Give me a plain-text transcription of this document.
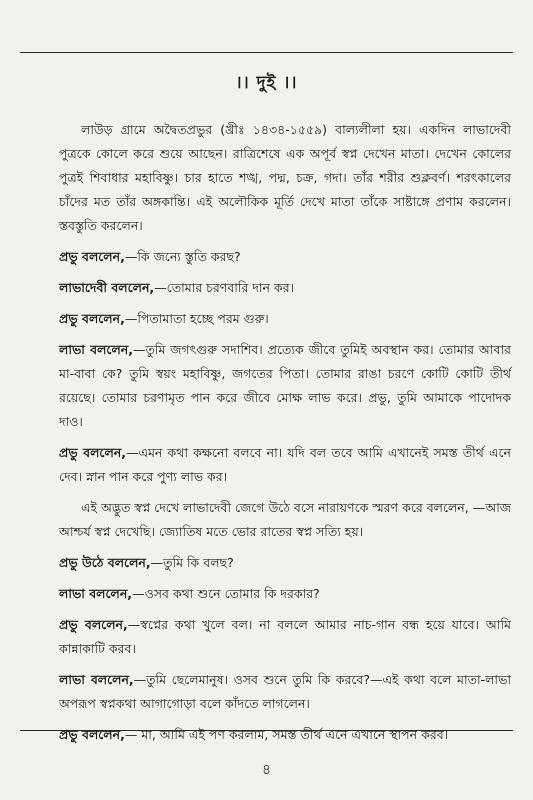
।। দুই ।।

লাউড় গ্রামে অদ্বৈতপ্রভুর (খ্রীঃ ১৪৩৪-১৫৫৯) বাল্যলীলা হয়। একদিন লাভাদেবী পুত্রকে কোলে করে শুয়ে আছেন। রাত্রিশেষে এক অপূর্ব স্বপ্ন দেখেন মাতা। দেখেন কোলের পুত্রই শিবাধার মহাবিষ্ণু। চার হাতে শঙ্খ, পদ্ম, চক্র, গদা। তাঁর শরীর শুক্লবর্ণ। শরৎকালের চাঁদের মত তাঁর অঙ্গকান্তি। এই অলৌকিক মূর্তি দেখে মাতা তাঁকে সাষ্টাঙ্গে প্রণাম করলেন। স্তবস্তুতি করলেন।

প্রভু বললেন,—কি জন্যে স্তুতি করছ?

লাভাদেবী বললেন,—তোমার চরণবারি দান কর।

প্রভু বললেন,—পিতামাতা হচ্ছে পরম গুরু।

লাভা বললেন,—তুমি জগৎগুরু সদাশিব। প্রত্যেক জীবে তুমিই অবস্থান কর। তোমার আবার মা-বাবা কে? তুমি স্বয়ং মহাবিষ্ণু, জগতের পিতা। তোমার রাঙা চরণে কোটি কোটি তীর্থ রয়েছে। তোমার চরণামৃত পান করে জীবে মোক্ষ লাভ করে। প্রভু, তুমি আমাকে পাদোদক দাও।

প্রভু বললেন,—এমন কথা কক্ষনো বলবে না। যদি বল তবে আমি এখানেই সমস্ত তীর্থ এনে দেব। স্নান পান করে পুণ্য লাভ কর।

এই অদ্ভুত স্বপ্ন দেখে লাভাদেবী জেগে উঠে বসে নারায়ণকে স্মরণ করে বললেন, —আজ আশ্চর্য স্বপ্ন দেখেছি। জ্যোতিষ মতে ভোর রাতের স্বপ্ন সত্যি হয়।

প্রভু উঠে বললেন,—তুমি কি বলছ?

লাভা বললেন,—ওসব কথা শুনে তোমার কি দরকার?

প্রভু বললেন,—স্বপ্নের কথা খুলে বল। না বললে আমার নাচ-গান বন্ধ হয়ে যাবে। আমি কান্নাকাটি করব।

লাভা বললেন,—তুমি ছেলেমানুষ। ওসব শুনে তুমি কি করবে?—এই কথা বলে মাতা-লাভা অপরূপ স্বপ্নকথা আগাগোড়া বলে কাঁদতে লাগলেন।

প্রভু বললেন,— মা, আমি এই পণ করলাম, সমস্ত তীর্থ এনে এখানে স্থাপন করব।

৪
